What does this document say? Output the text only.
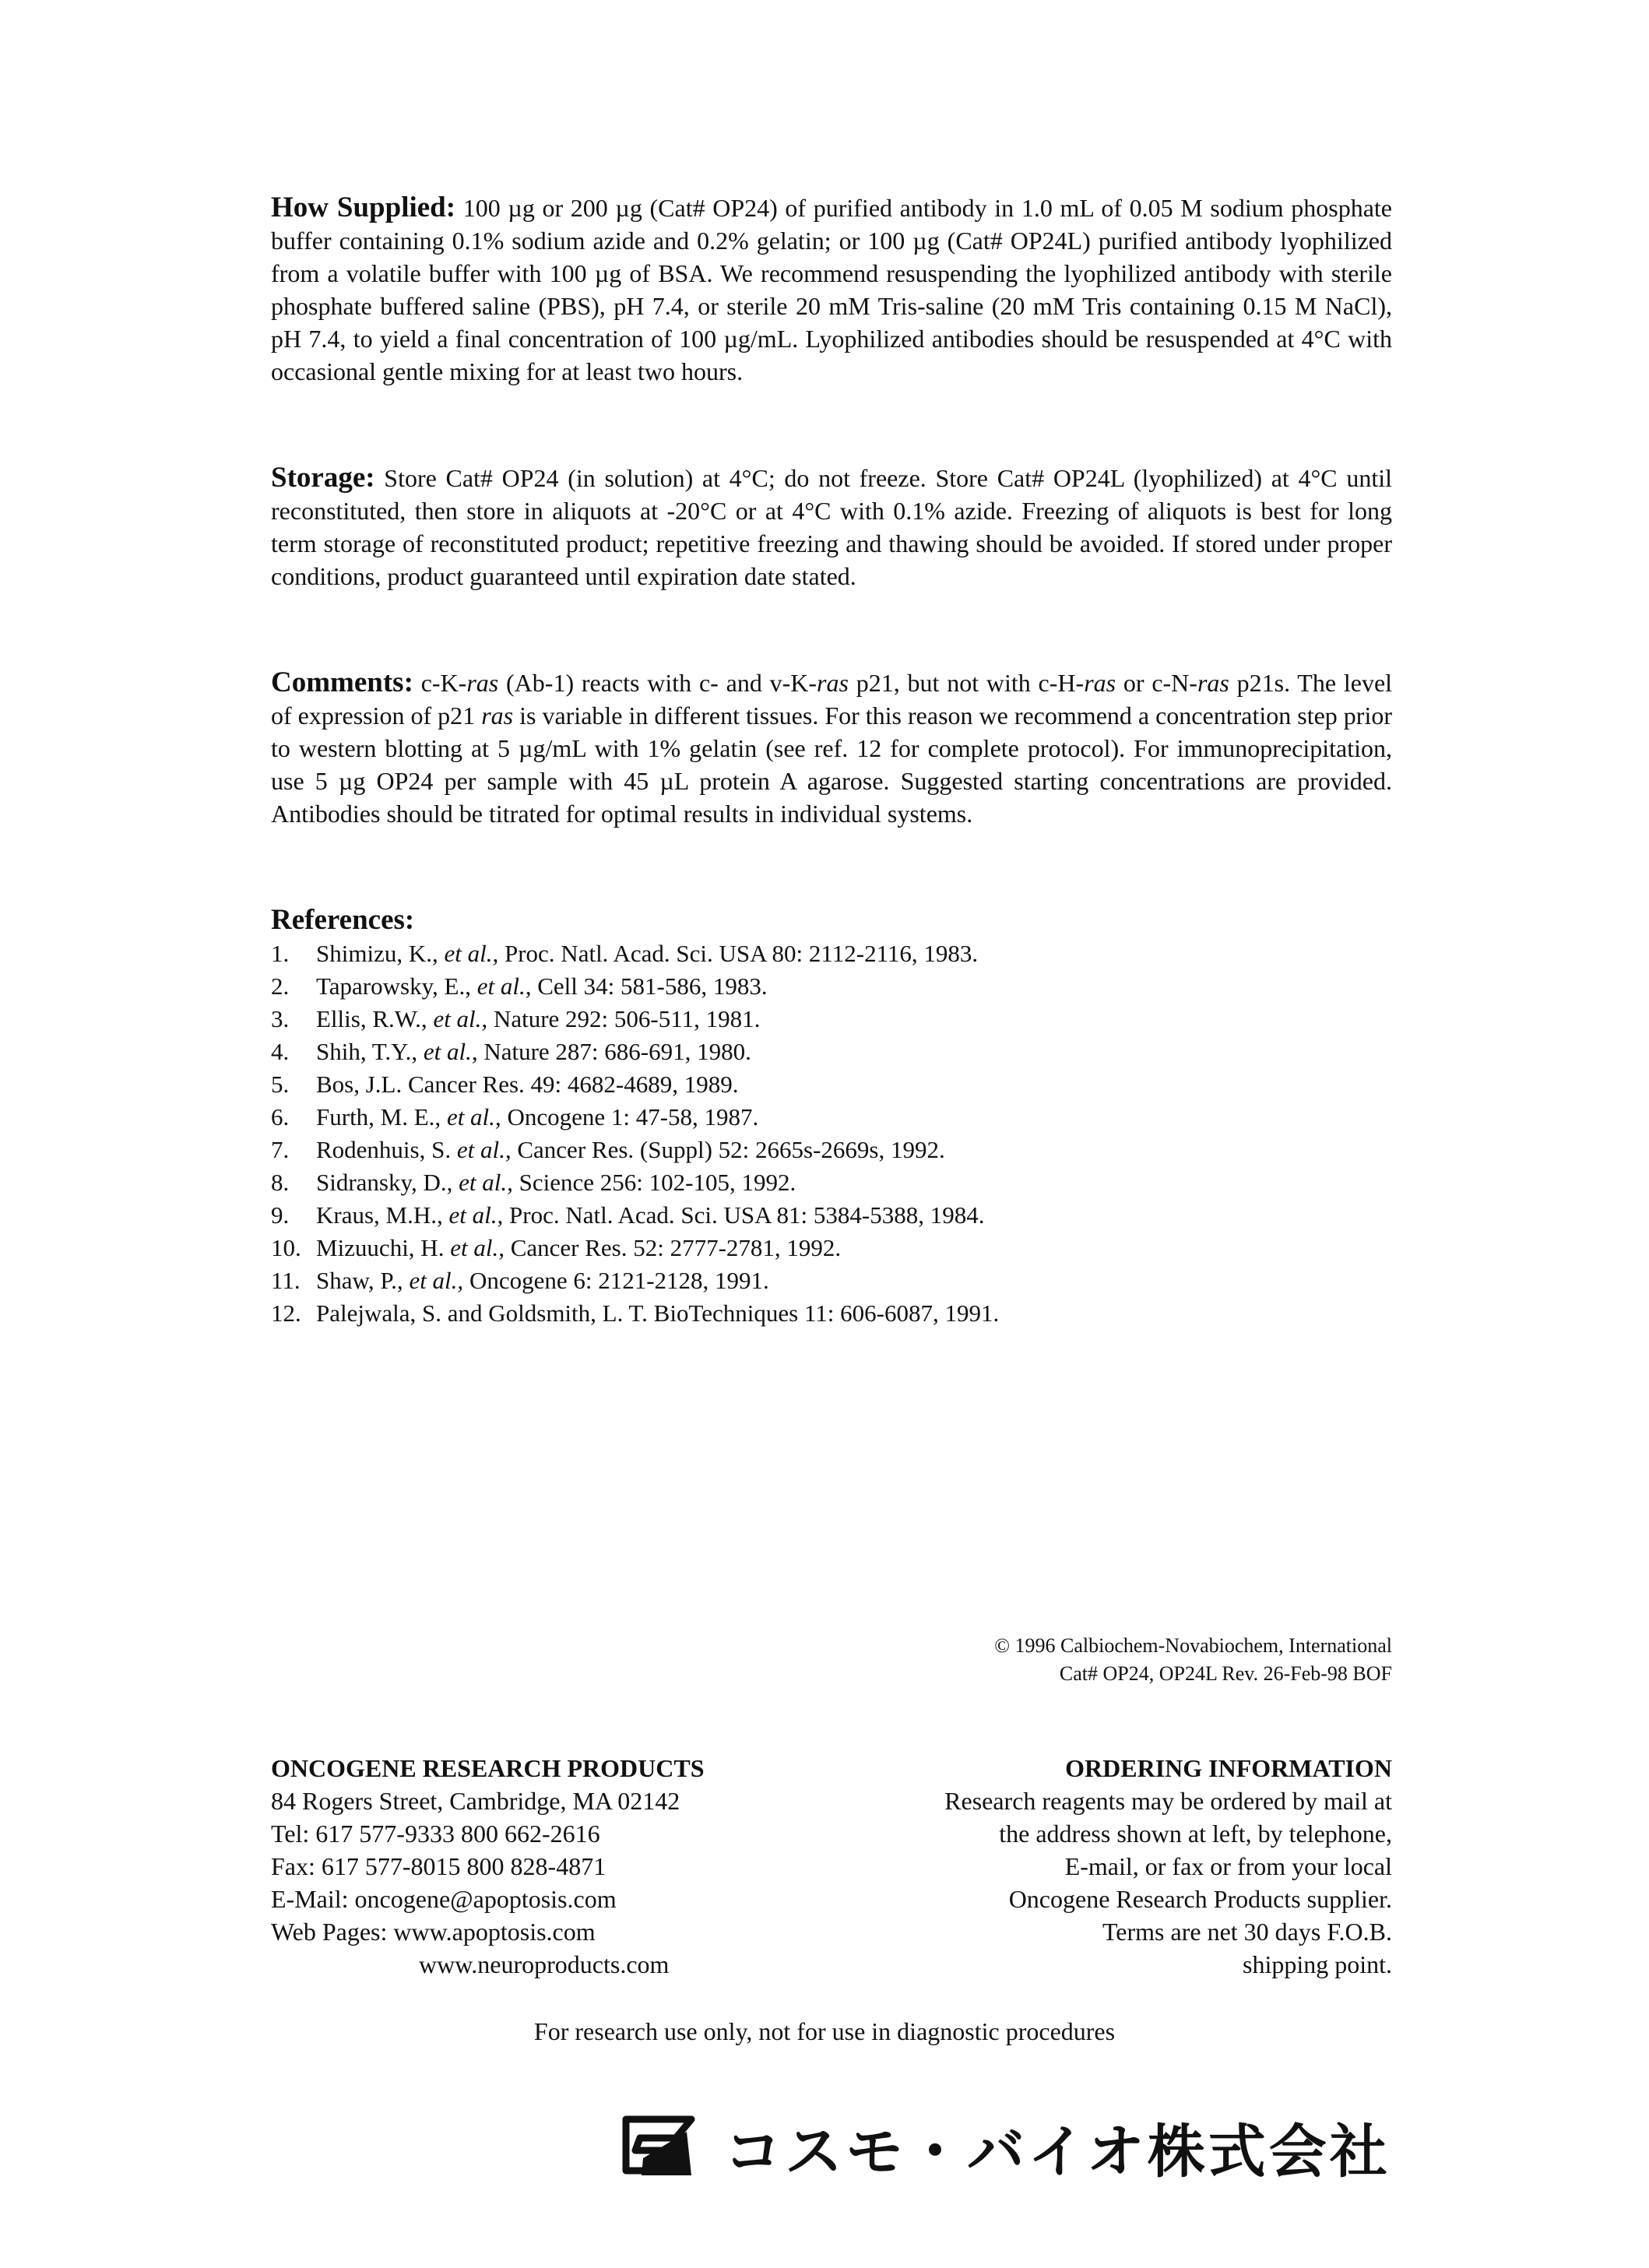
How Supplied: 100 µg or 200 µg (Cat# OP24) of purified antibody in 1.0 mL of 0.05 M sodium phosphate buffer containing 0.1% sodium azide and 0.2% gelatin; or 100 µg (Cat# OP24L) purified antibody lyophilized from a volatile buffer with 100 µg of BSA. We recommend resuspending the lyophilized antibody with sterile phosphate buffered saline (PBS), pH 7.4, or sterile 20 mM Tris-saline (20 mM Tris containing 0.15 M NaCl), pH 7.4, to yield a final concentration of 100 µg/mL. Lyophilized antibodies should be resuspended at 4°C with occasional gentle mixing for at least two hours.

Storage: Store Cat# OP24 (in solution) at 4°C; do not freeze. Store Cat# OP24L (lyophilized) at 4°C until reconstituted, then store in aliquots at -20°C or at 4°C with 0.1% azide. Freezing of aliquots is best for long term storage of reconstituted product; repetitive freezing and thawing should be avoided. If stored under proper conditions, product guaranteed until expiration date stated.

Comments: c-K-ras (Ab-1) reacts with c- and v-K-ras p21, but not with c-H-ras or c-N-ras p21s. The level of expression of p21 ras is variable in different tissues. For this reason we recommend a concentration step prior to western blotting at 5 µg/mL with 1% gelatin (see ref. 12 for complete protocol). For immunoprecipitation, use 5 µg OP24 per sample with 45 µL protein A agarose. Suggested starting concentrations are provided. Antibodies should be titrated for optimal results in individual systems.

References:
1.	Shimizu, K., et al., Proc. Natl. Acad. Sci. USA 80: 2112-2116, 1983.
2.	Taparowsky, E., et al., Cell 34: 581-586, 1983.
3.	Ellis, R.W., et al., Nature 292: 506-511, 1981.
4.	Shih, T.Y., et al., Nature 287: 686-691, 1980.
5.	Bos, J.L. Cancer Res. 49: 4682-4689, 1989.
6.	Furth, M. E., et al., Oncogene 1: 47-58, 1987.
7.	Rodenhuis, S. et al., Cancer Res. (Suppl) 52: 2665s-2669s, 1992.
8.	Sidransky, D., et al., Science 256: 102-105, 1992.
9.	Kraus, M.H., et al., Proc. Natl. Acad. Sci. USA 81: 5384-5388, 1984.
10. Mizuuchi, H. et al., Cancer Res. 52: 2777-2781, 1992.
11. Shaw, P., et al., Oncogene 6: 2121-2128, 1991.
12. Palejwala, S. and Goldsmith, L. T. BioTechniques 11: 606-6087, 1991.
© 1996 Calbiochem-Novabiochem, International
Cat# OP24, OP24L Rev. 26-Feb-98 BOF
ONCOGENE RESEARCH PRODUCTS
84 Rogers Street, Cambridge, MA 02142
Tel: 617 577-9333 800 662-2616
Fax: 617 577-8015 800 828-4871
E-Mail: oncogene@apoptosis.com
Web Pages: www.apoptosis.com
www.neuroproducts.com
ORDERING INFORMATION
Research reagents may be ordered by mail at
the address shown at left, by telephone,
E-mail, or fax or from your local
Oncogene Research Products supplier.
Terms are net 30 days F.O.B.
shipping point.
For research use only, not for use in diagnostic procedures
コスモ・バイオ株式会社
